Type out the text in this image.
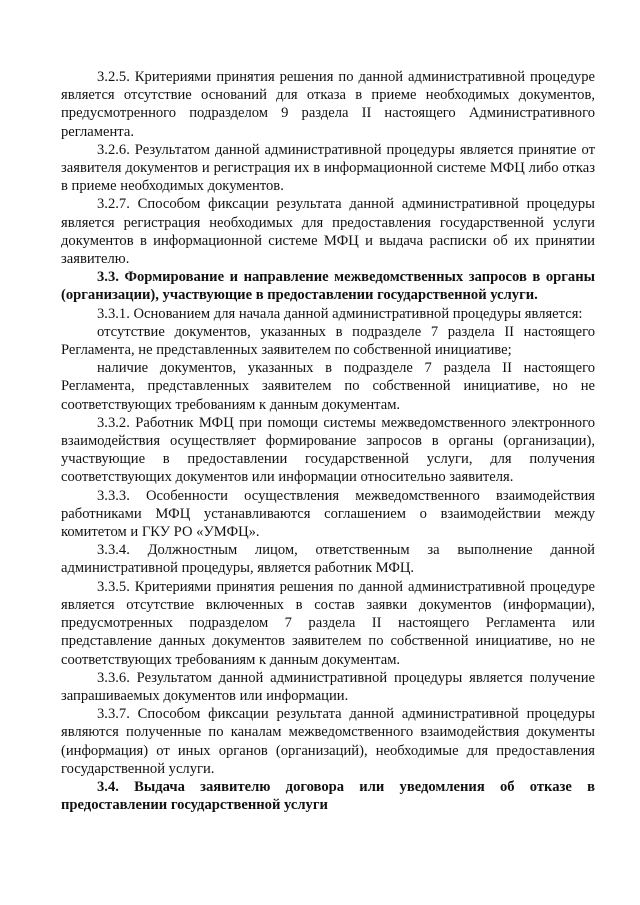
3.2.5. Критериями принятия решения по данной административной процедуре является отсутствие оснований для отказа в приеме необходимых документов, предусмотренного подразделом 9 раздела II настоящего Административного регламента.

3.2.6. Результатом данной административной процедуры является принятие от заявителя документов и регистрация их в информационной системе МФЦ либо отказ в приеме необходимых документов.

3.2.7. Способом фиксации результата данной административной процедуры является регистрация необходимых для предоставления государственной услуги документов в информационной системе МФЦ и выдача расписки об их принятии заявителю.

3.3. Формирование и направление межведомственных запросов в органы (организации), участвующие в предоставлении государственной услуги.

3.3.1. Основанием для начала данной административной процедуры является:

отсутствие документов, указанных в подразделе 7 раздела II настоящего Регламента, не представленных заявителем по собственной инициативе;

наличие документов, указанных в подразделе 7 раздела II настоящего Регламента, представленных заявителем по собственной инициативе, но не соответствующих требованиям к данным документам.

3.3.2. Работник МФЦ при помощи системы межведомственного электронного взаимодействия осуществляет формирование запросов в органы (организации), участвующие в предоставлении государственной услуги, для получения соответствующих документов или информации относительно заявителя.

3.3.3. Особенности осуществления межведомственного взаимодействия работниками МФЦ устанавливаются соглашением о взаимодействии между комитетом и ГКУ РО «УМФЦ».

3.3.4. Должностным лицом, ответственным за выполнение данной административной процедуры, является работник МФЦ.

3.3.5. Критериями принятия решения по данной административной процедуре является отсутствие включенных в состав заявки документов (информации), предусмотренных подразделом 7 раздела II настоящего Регламента или представление данных документов заявителем по собственной инициативе, но не соответствующих требованиям к данным документам.

3.3.6. Результатом данной административной процедуры является получение запрашиваемых документов или информации.

3.3.7. Способом фиксации результата данной административной процедуры являются полученные по каналам межведомственного взаимодействия документы (информация) от иных органов (организаций), необходимые для предоставления государственной услуги.

3.4. Выдача заявителю договора или уведомления об отказе в предоставлении государственной услуги
